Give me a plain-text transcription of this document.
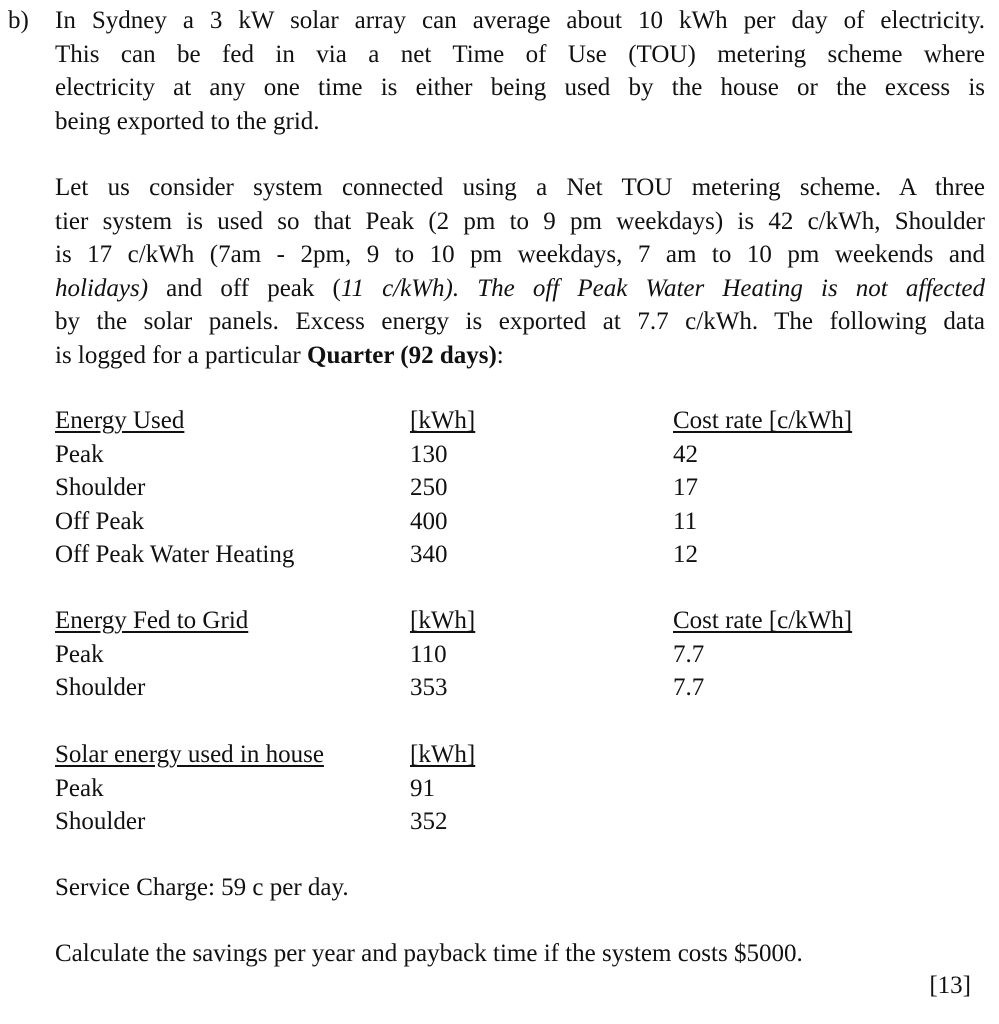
b) In Sydney a 3 kW solar array can average about 10 kWh per day of electricity.
This can be fed in via a net Time of Use (TOU) metering scheme where
electricity at any one time is either being used by the house or the excess is
being exported to the grid.
Let us consider system connected using a Net TOU metering scheme. A three
tier system is used so that Peak (2 pm to 9 pm weekdays) is 42 c/kWh, Shoulder
is 17 c/kWh (7am - 2pm, 9 to 10 pm weekdays, 7 am to 10 pm weekends and
holidays) and off peak (11 c/kWh). The off Peak Water Heating is not affected
by the solar panels. Excess energy is exported at 7.7 c/kWh. The following data
is logged for a particular Quarter (92 days):
Energy Used	[kWh]	Cost rate [c/kWh]
Peak	130	42
Shoulder	250	17
Off Peak	400	11
Off Peak Water Heating	340	12
Energy Fed to Grid	[kWh]	Cost rate [c/kWh]
Peak	110	7.7
Shoulder	353	7.7
Solar energy used in house	[kWh]
Peak	91
Shoulder	352
Service Charge: 59 c per day.
Calculate the savings per year and payback time if the system costs $5000.
[13]
